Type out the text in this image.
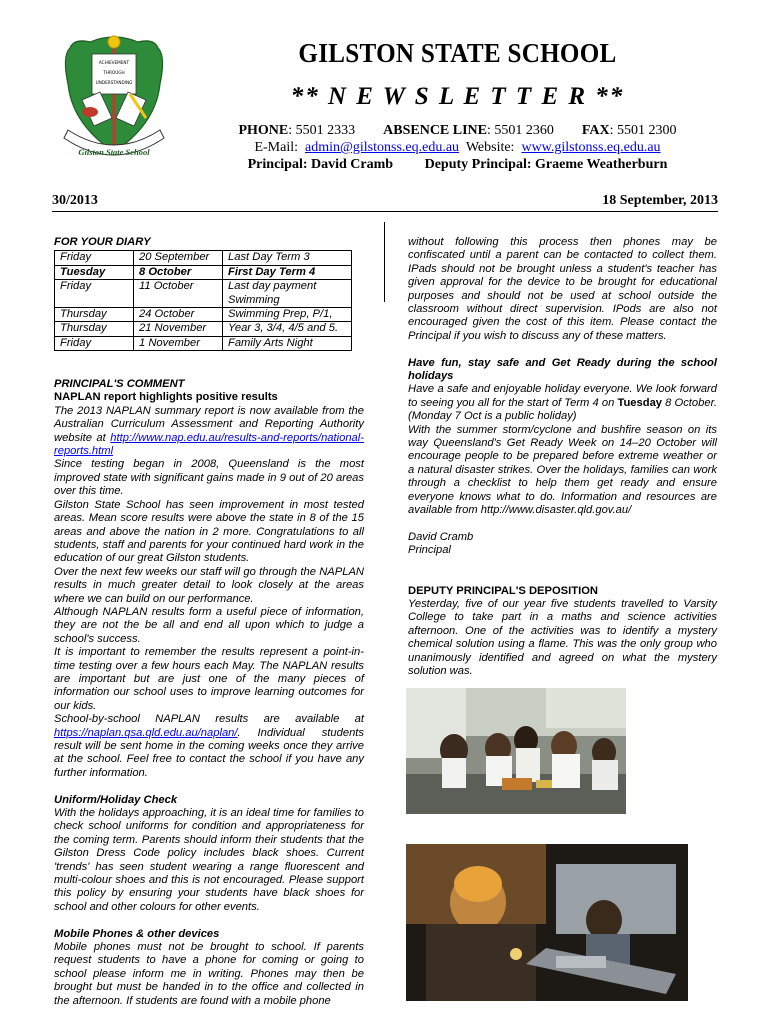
ACHIEVEMENT
THROUGH
UNDERSTANDING
Gilston State School
GILSTON STATE SCHOOL
** N E W S L E T T E R **
PHONE: 5501 2333 ABSENCE LINE: 5501 2360 FAX: 5501 2300
E-Mail: admin@gilstonss.eq.edu.au Website: www.gilstonss.eq.edu.au
Principal: David Cramb Deputy Principal: Graeme Weatherburn
30/2013	18 September, 2013

FOR YOUR DIARY

Friday	20 September	Last Day Term 3
Tuesday	8 October	First Day Term 4
Friday	11 October	Last day payment Swimming
Thursday	24 October	Swimming Prep, P/1,
Thursday	21 November	Year 3, 3/4, 4/5 and 5.
Friday	1 November	Family Arts Night

PRINCIPAL'S COMMENT

NAPLAN report highlights positive results

The 2013 NAPLAN summary report is now available from the Australian Curriculum Assessment and Reporting Authority website at http://www.nap.edu.au/results-and-reports/national-reports.html

Since testing began in 2008, Queensland is the most improved state with significant gains made in 9 out of 20 areas over this time.

Gilston State School has seen improvement in most tested areas. Mean score results were above the state in 8 of the 15 areas and above the nation in 2 more. Congratulations to all students, staff and parents for your continued hard work in the education of our great Gilston students.

Over the next few weeks our staff will go through the NAPLAN results in much greater detail to look closely at the areas where we can build on our performance.

Although NAPLAN results form a useful piece of information, they are not the be all and end all upon which to judge a school's success.

It is important to remember the results represent a point-in-time testing over a few hours each May. The NAPLAN results are important but are just one of the many pieces of information our school uses to improve learning outcomes for our kids.

School-by-school NAPLAN results are available at https://naplan.qsa.qld.edu.au/naplan/. Individual students result will be sent home in the coming weeks once they arrive at the school. Feel free to contact the school if you have any further information.

Uniform/Holiday Check

With the holidays approaching, it is an ideal time for families to check school uniforms for condition and appropriateness for the coming term. Parents should inform their students that the Gilston Dress Code policy includes black shoes. Current 'trends' has seen student wearing a range fluorescent and multi-colour shoes and this is not encouraged. Please support this policy by ensuring your students have black shoes for school and other colours for other events.

Mobile Phones & other devices

Mobile phones must not be brought to school. If parents request students to have a phone for coming or going to school please inform me in writing. Phones may then be brought but must be handed in to the office and collected in the afternoon. If students are found with a mobile phone

without following this process then phones may be confiscated until a parent can be contacted to collect them. IPads should not be brought unless a student's teacher has given approval for the device to be brought for educational purposes and should not be used at school outside the classroom without direct supervision. IPods are also not encouraged given the cost of this item. Please contact the Principal if you wish to discuss any of these matters.

Have fun, stay safe and Get Ready during the school holidays

Have a safe and enjoyable holiday everyone. We look forward to seeing you all for the start of Term 4 on Tuesday 8 October. (Monday 7 Oct is a public holiday)

With the summer storm/cyclone and bushfire season on its way Queensland's Get Ready Week on 14–20 October will encourage people to be prepared before extreme weather or a natural disaster strikes. Over the holidays, families can work through a checklist to help them get ready and ensure everyone knows what to do. Information and resources are available from http://www.disaster.qld.gov.au/

David Cramb

Principal

DEPUTY PRINCIPAL'S DEPOSITION

Yesterday, five of our year five students travelled to Varsity College to take part in a maths and science activities afternoon. One of the activities was to identify a mystery chemical solution using a flame. This was the only group who unanimously identified and agreed on what the mystery solution was.
